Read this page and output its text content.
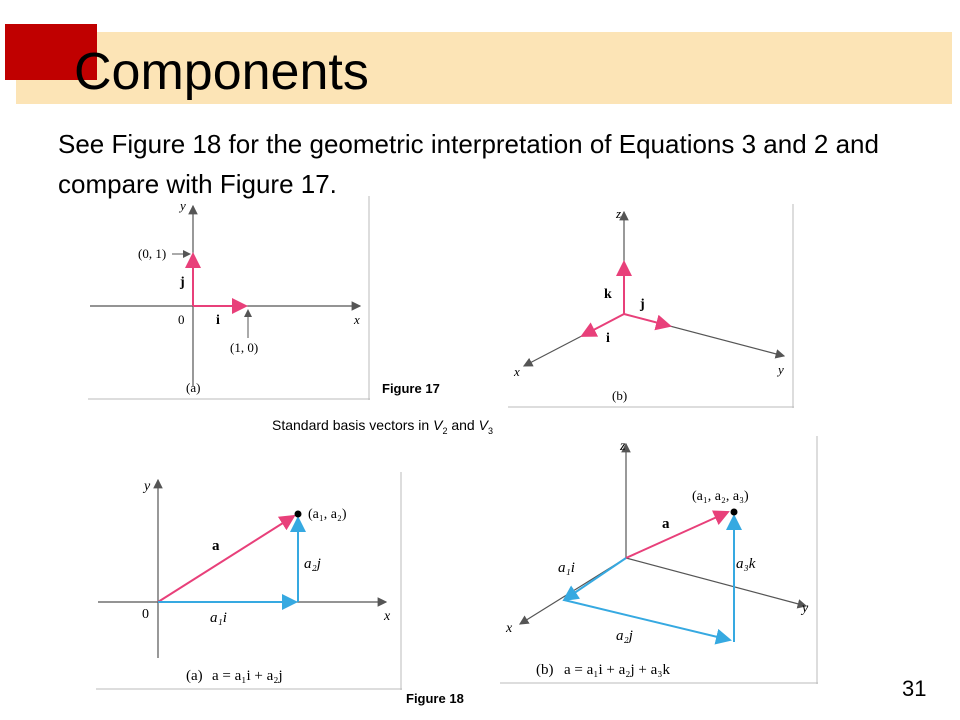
Components
See Figure 18 for the geometric interpretation of Equations 3 and 2 and compare with Figure 17.
y
x
0
(0, 1)
(1, 0)
i
j
(a)
z
y
x
k
j
i
(b)
Figure 17
Standard basis vectors in $V_2$ and $V_3$
y
x
0
(a₁, a₂)
a
a₁i
a₂j
(a) a = a₁i + a₂j
z
y
x
(a₁, a₂, a₃)
a
a₁i
a₂j
a₃k
(b) a = a₁i + a₂j + a₃k
Figure 18	31
